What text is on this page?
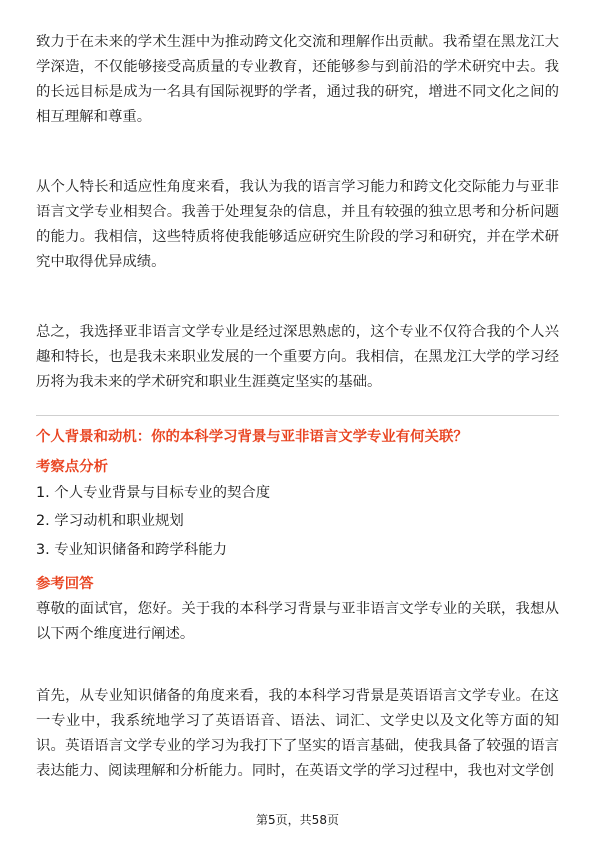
致力于在未来的学术生涯中为推动跨文化交流和理解作出贡献。我希望在黑龙江大学深造，不仅能够接受高质量的专业教育，还能够参与到前沿的学术研究中去。我的长远目标是成为一名具有国际视野的学者，通过我的研究，增进不同文化之间的相互理解和尊重。

从个人特长和适应性角度来看，我认为我的语言学习能力和跨文化交际能力与亚非语言文学专业相契合。我善于处理复杂的信息，并且有较强的独立思考和分析问题的能力。我相信，这些特质将使我能够适应研究生阶段的学习和研究，并在学术研究中取得优异成绩。

总之，我选择亚非语言文学专业是经过深思熟虑的，这个专业不仅符合我的个人兴趣和特长，也是我未来职业发展的一个重要方向。我相信，在黑龙江大学的学习经历将为我未来的学术研究和职业生涯奠定坚实的基础。

个人背景和动机：你的本科学习背景与亚非语言文学专业有何关联？

考察点分析

1. 个人专业背景与目标专业的契合度

2. 学习动机和职业规划

3. 专业知识储备和跨学科能力

参考回答

尊敬的面试官，您好。关于我的本科学习背景与亚非语言文学专业的关联，我想从以下两个维度进行阐述。

首先，从专业知识储备的角度来看，我的本科学习背景是英语语言文学专业。在这一专业中，我系统地学习了英语语音、语法、词汇、文学史以及文化等方面的知识。英语语言文学专业的学习为我打下了坚实的语言基础，使我具备了较强的语言表达能力、阅读理解和分析能力。同时，在英语文学的学习过程中，我也对文学创

第5页，共58页
